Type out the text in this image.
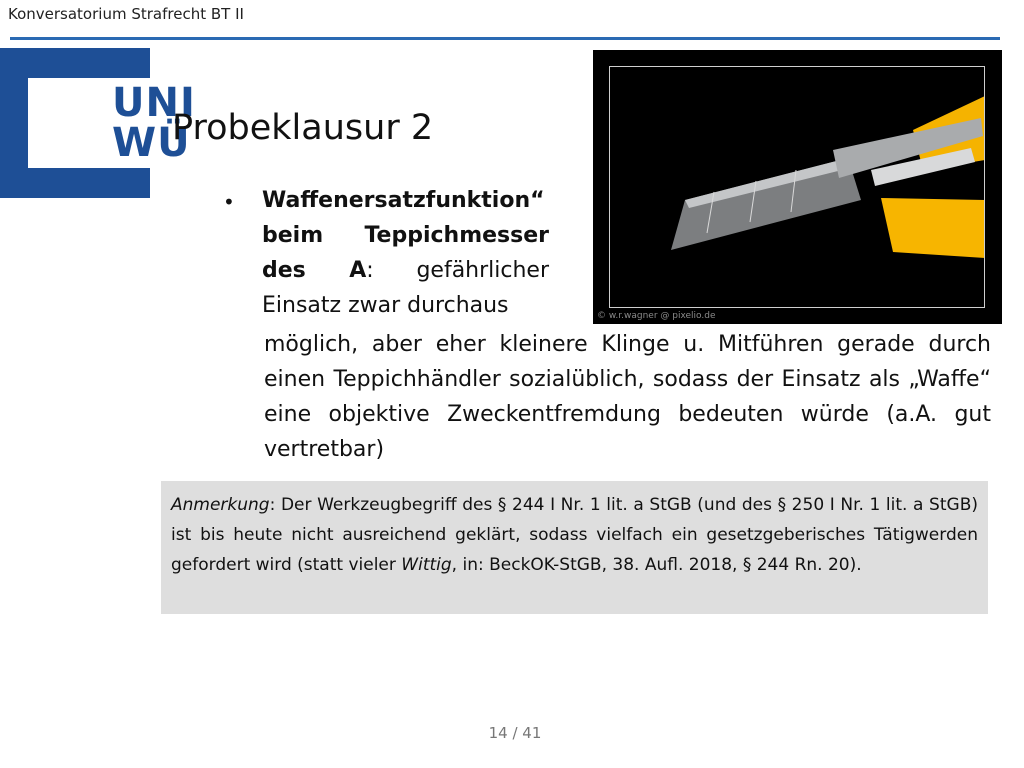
Konversatorium Strafrecht BT II
UNI
WÜ
Probeklausur 2
© w.r.wagner @ pixelio.de
• Waffenersatzfunktion“ beim Teppichmesser des A: gefährlicher
Einsatz zwar durchaus
möglich, aber eher kleinere Klinge u. Mitführen gerade durch einen Teppichhändler sozialüblich, sodass der Einsatz als „Waffe“ eine objektive Zweckentfremdung bedeuten würde (a.A. gut vertretbar)

Anmerkung: Der Werkzeugbegriff des § 244 I Nr. 1 lit. a StGB (und des § 250 I Nr. 1 lit. a StGB) ist bis heute nicht ausreichend geklärt, sodass vielfach ein gesetzgeberisches Tätigwerden gefordert wird (statt vieler Wittig, in: BeckOK-StGB, 38. Aufl. 2018, § 244 Rn. 20).

14 / 41
